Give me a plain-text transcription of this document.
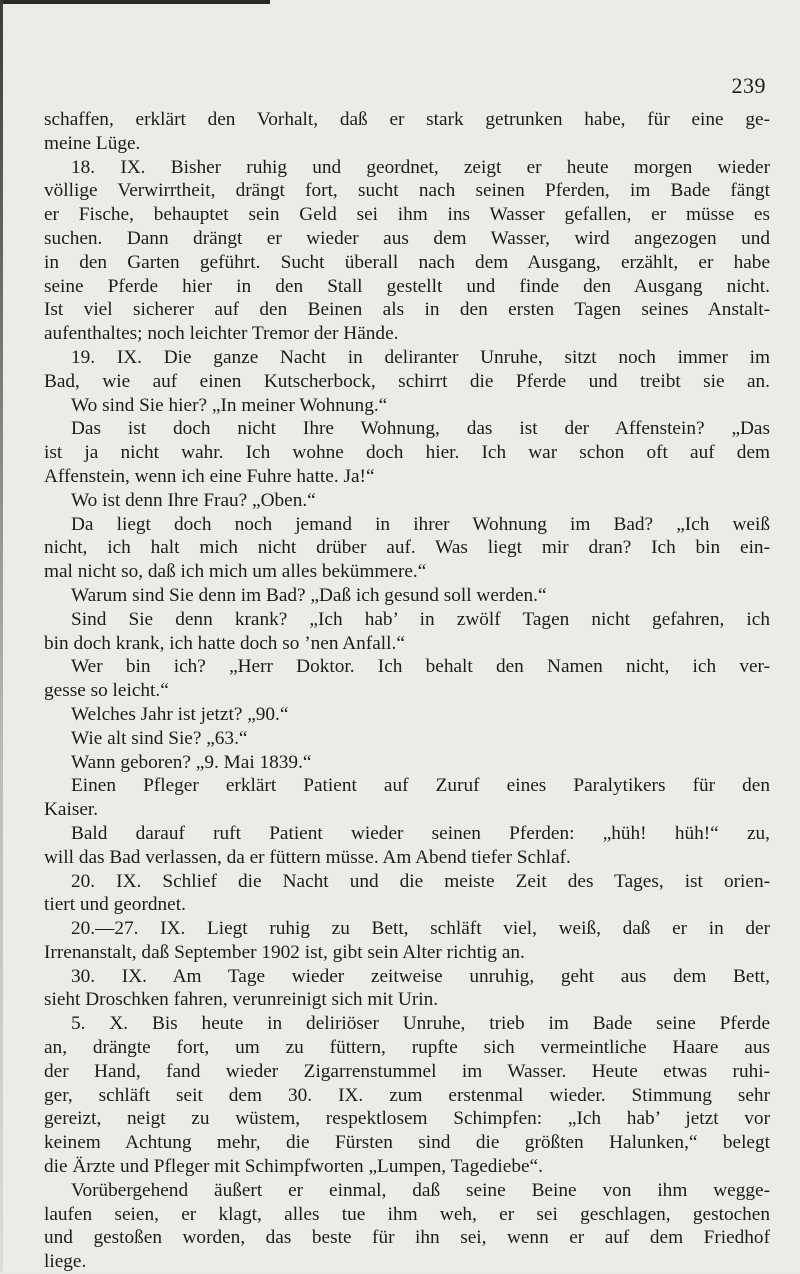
239
schaffen, erklärt den Vorhalt, daß er stark getrunken habe, für eine ge-
meine Lüge.
18. IX. Bisher ruhig und geordnet, zeigt er heute morgen wieder
völlige Verwirrtheit, drängt fort, sucht nach seinen Pferden, im Bade fängt
er Fische, behauptet sein Geld sei ihm ins Wasser gefallen, er müsse es
suchen. Dann drängt er wieder aus dem Wasser, wird angezogen und
in den Garten geführt. Sucht überall nach dem Ausgang, erzählt, er habe
seine Pferde hier in den Stall gestellt und finde den Ausgang nicht.
Ist viel sicherer auf den Beinen als in den ersten Tagen seines Anstalt-
aufenthaltes; noch leichter Tremor der Hände.
19. IX. Die ganze Nacht in deliranter Unruhe, sitzt noch immer im
Bad, wie auf einen Kutscherbock, schirrt die Pferde und treibt sie an.
Wo sind Sie hier? „In meiner Wohnung.“
Das ist doch nicht Ihre Wohnung, das ist der Affenstein? „Das
ist ja nicht wahr. Ich wohne doch hier. Ich war schon oft auf dem
Affenstein, wenn ich eine Fuhre hatte. Ja!“
Wo ist denn Ihre Frau? „Oben.“
Da liegt doch noch jemand in ihrer Wohnung im Bad? „Ich weiß
nicht, ich halt mich nicht drüber auf. Was liegt mir dran? Ich bin ein-
mal nicht so, daß ich mich um alles bekümmere.“
Warum sind Sie denn im Bad? „Daß ich gesund soll werden.“
Sind Sie denn krank? „Ich hab’ in zwölf Tagen nicht gefahren, ich
bin doch krank, ich hatte doch so ’nen Anfall.“
Wer bin ich? „Herr Doktor. Ich behalt den Namen nicht, ich ver-
gesse so leicht.“
Welches Jahr ist jetzt? „90.“
Wie alt sind Sie? „63.“
Wann geboren? „9. Mai 1839.“
Einen Pfleger erklärt Patient auf Zuruf eines Paralytikers für den
Kaiser.
Bald darauf ruft Patient wieder seinen Pferden: „hüh! hüh!“ zu,
will das Bad verlassen, da er füttern müsse. Am Abend tiefer Schlaf.
20. IX. Schlief die Nacht und die meiste Zeit des Tages, ist orien-
tiert und geordnet.
20.—27. IX. Liegt ruhig zu Bett, schläft viel, weiß, daß er in der
Irrenanstalt, daß September 1902 ist, gibt sein Alter richtig an.
30. IX. Am Tage wieder zeitweise unruhig, geht aus dem Bett,
sieht Droschken fahren, verunreinigt sich mit Urin.
5. X. Bis heute in deliriöser Unruhe, trieb im Bade seine Pferde
an, drängte fort, um zu füttern, rupfte sich vermeintliche Haare aus
der Hand, fand wieder Zigarrenstummel im Wasser. Heute etwas ruhi-
ger, schläft seit dem 30. IX. zum erstenmal wieder. Stimmung sehr
gereizt, neigt zu wüstem, respektlosem Schimpfen: „Ich hab’ jetzt vor
keinem Achtung mehr, die Fürsten sind die größten Halunken,“ belegt
die Ärzte und Pfleger mit Schimpfworten „Lumpen, Tagediebe“.
Vorübergehend äußert er einmal, daß seine Beine von ihm wegge-
laufen seien, er klagt, alles tue ihm weh, er sei geschlagen, gestochen
und gestoßen worden, das beste für ihn sei, wenn er auf dem Friedhof
liege.
